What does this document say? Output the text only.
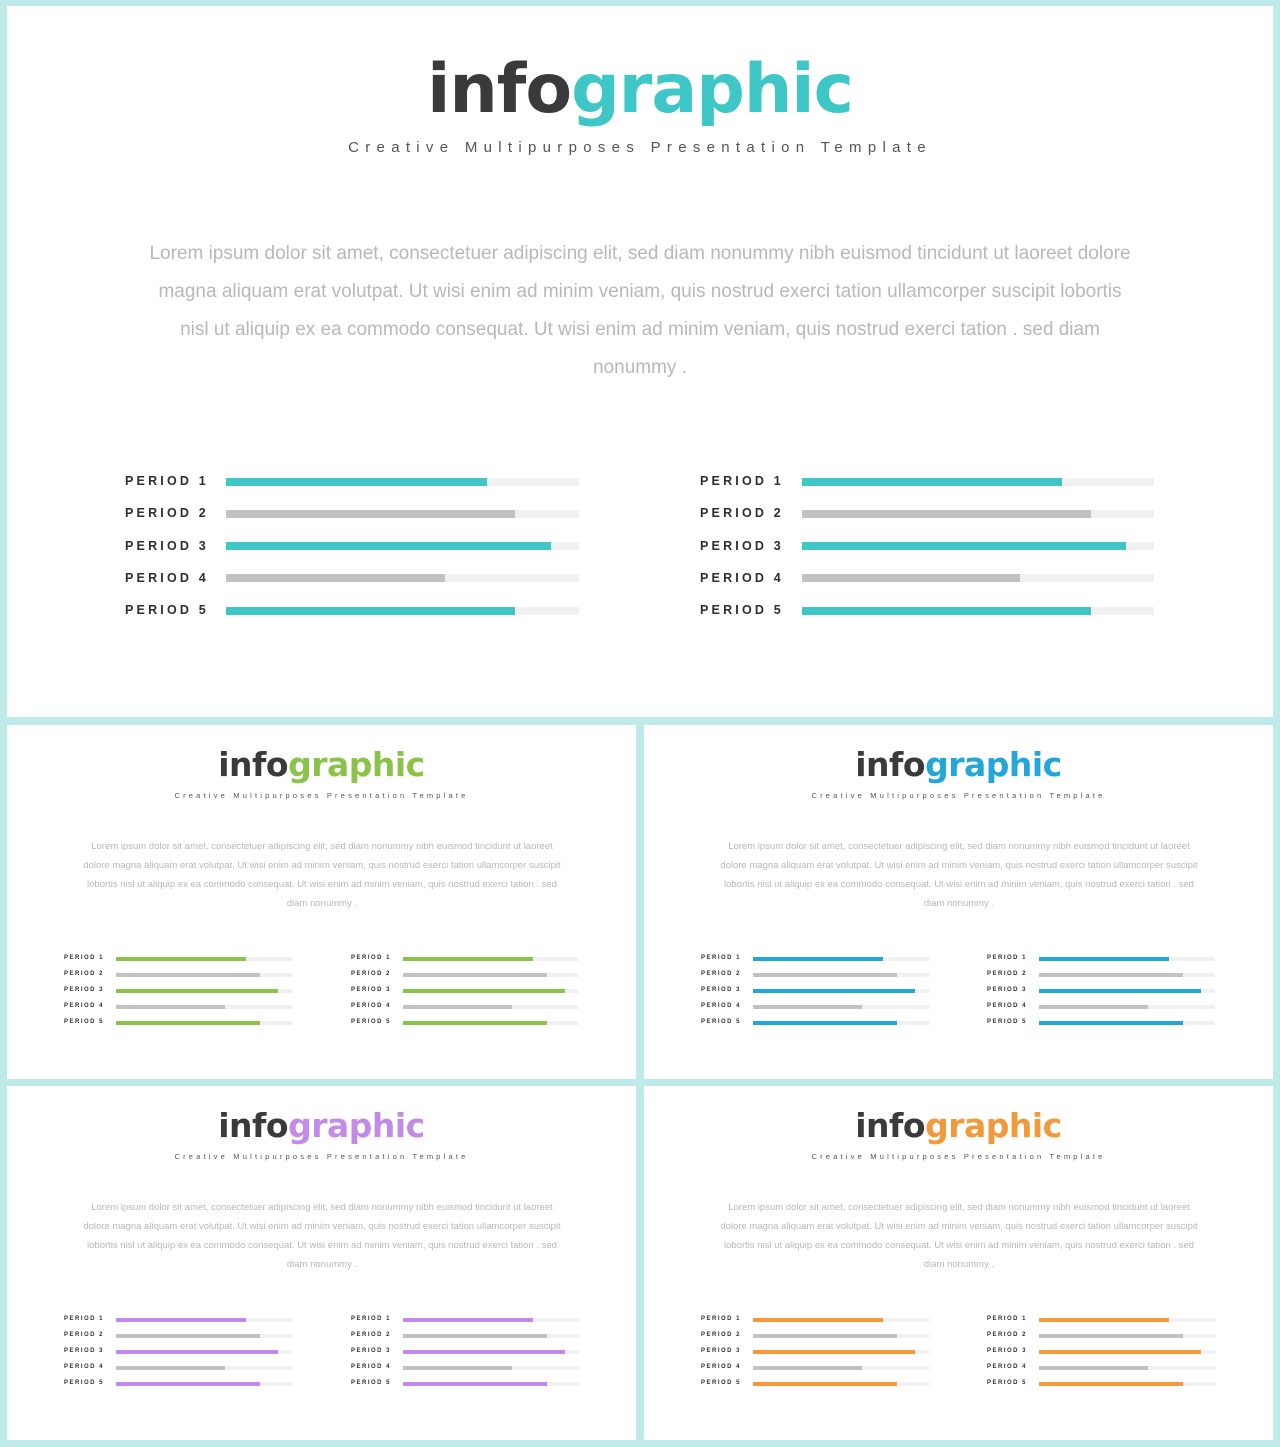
infographic
Creative Multipurposes Presentation Template
Lorem ipsum dolor sit amet, consectetuer adipiscing elit, sed diam nonummy nibh euismod tincidunt ut laoreet dolore magna aliquam erat volutpat. Ut wisi enim ad minim veniam, quis nostrud exerci tation ullamcorper suscipit lobortis nisl ut aliquip ex ea commodo consequat. Ut wisi enim ad minim veniam, quis nostrud exerci tation . sed diam nonummy .
PERIOD 1
PERIOD 2
PERIOD 3
PERIOD 4
PERIOD 5
PERIOD 1
PERIOD 2
PERIOD 3
PERIOD 4
PERIOD 5
infographic
Creative Multipurposes Presentation Template
Lorem ipsum dolor sit amet, consectetuer adipiscing elit, sed diam nonummy nibh euismod tincidunt ut laoreet dolore magna aliquam erat volutpat. Ut wisi enim ad minim veniam, quis nostrud exerci tation ullamcorper suscipit lobortis nisl ut aliquip ex ea commodo consequat. Ut wisi enim ad minim veniam, quis nostrud exerci tation . sed diam nonummy .
PERIOD 1
PERIOD 2
PERIOD 3
PERIOD 4
PERIOD 5
PERIOD 1
PERIOD 2
PERIOD 3
PERIOD 4
PERIOD 5
infographic
Creative Multipurposes Presentation Template
Lorem ipsum dolor sit amet, consectetuer adipiscing elit, sed diam nonummy nibh euismod tincidunt ut laoreet dolore magna aliquam erat volutpat. Ut wisi enim ad minim veniam, quis nostrud exerci tation ullamcorper suscipit lobortis nisl ut aliquip ex ea commodo consequat. Ut wisi enim ad minim veniam, quis nostrud exerci tation . sed diam nonummy .
PERIOD 1
PERIOD 2
PERIOD 3
PERIOD 4
PERIOD 5
PERIOD 1
PERIOD 2
PERIOD 3
PERIOD 4
PERIOD 5
infographic
Creative Multipurposes Presentation Template
Lorem ipsum dolor sit amet, consectetuer adipiscing elit, sed diam nonummy nibh euismod tincidunt ut laoreet dolore magna aliquam erat volutpat. Ut wisi enim ad minim veniam, quis nostrud exerci tation ullamcorper suscipit lobortis nisl ut aliquip ex ea commodo consequat. Ut wisi enim ad minim veniam, quis nostrud exerci tation . sed diam nonummy .
PERIOD 1
PERIOD 2
PERIOD 3
PERIOD 4
PERIOD 5
PERIOD 1
PERIOD 2
PERIOD 3
PERIOD 4
PERIOD 5
infographic
Creative Multipurposes Presentation Template
Lorem ipsum dolor sit amet, consectetuer adipiscing elit, sed diam nonummy nibh euismod tincidunt ut laoreet dolore magna aliquam erat volutpat. Ut wisi enim ad minim veniam, quis nostrud exerci tation ullamcorper suscipit lobortis nisl ut aliquip ex ea commodo consequat. Ut wisi enim ad minim veniam, quis nostrud exerci tation . sed diam nonummy .
PERIOD 1
PERIOD 2
PERIOD 3
PERIOD 4
PERIOD 5
PERIOD 1
PERIOD 2
PERIOD 3
PERIOD 4
PERIOD 5
